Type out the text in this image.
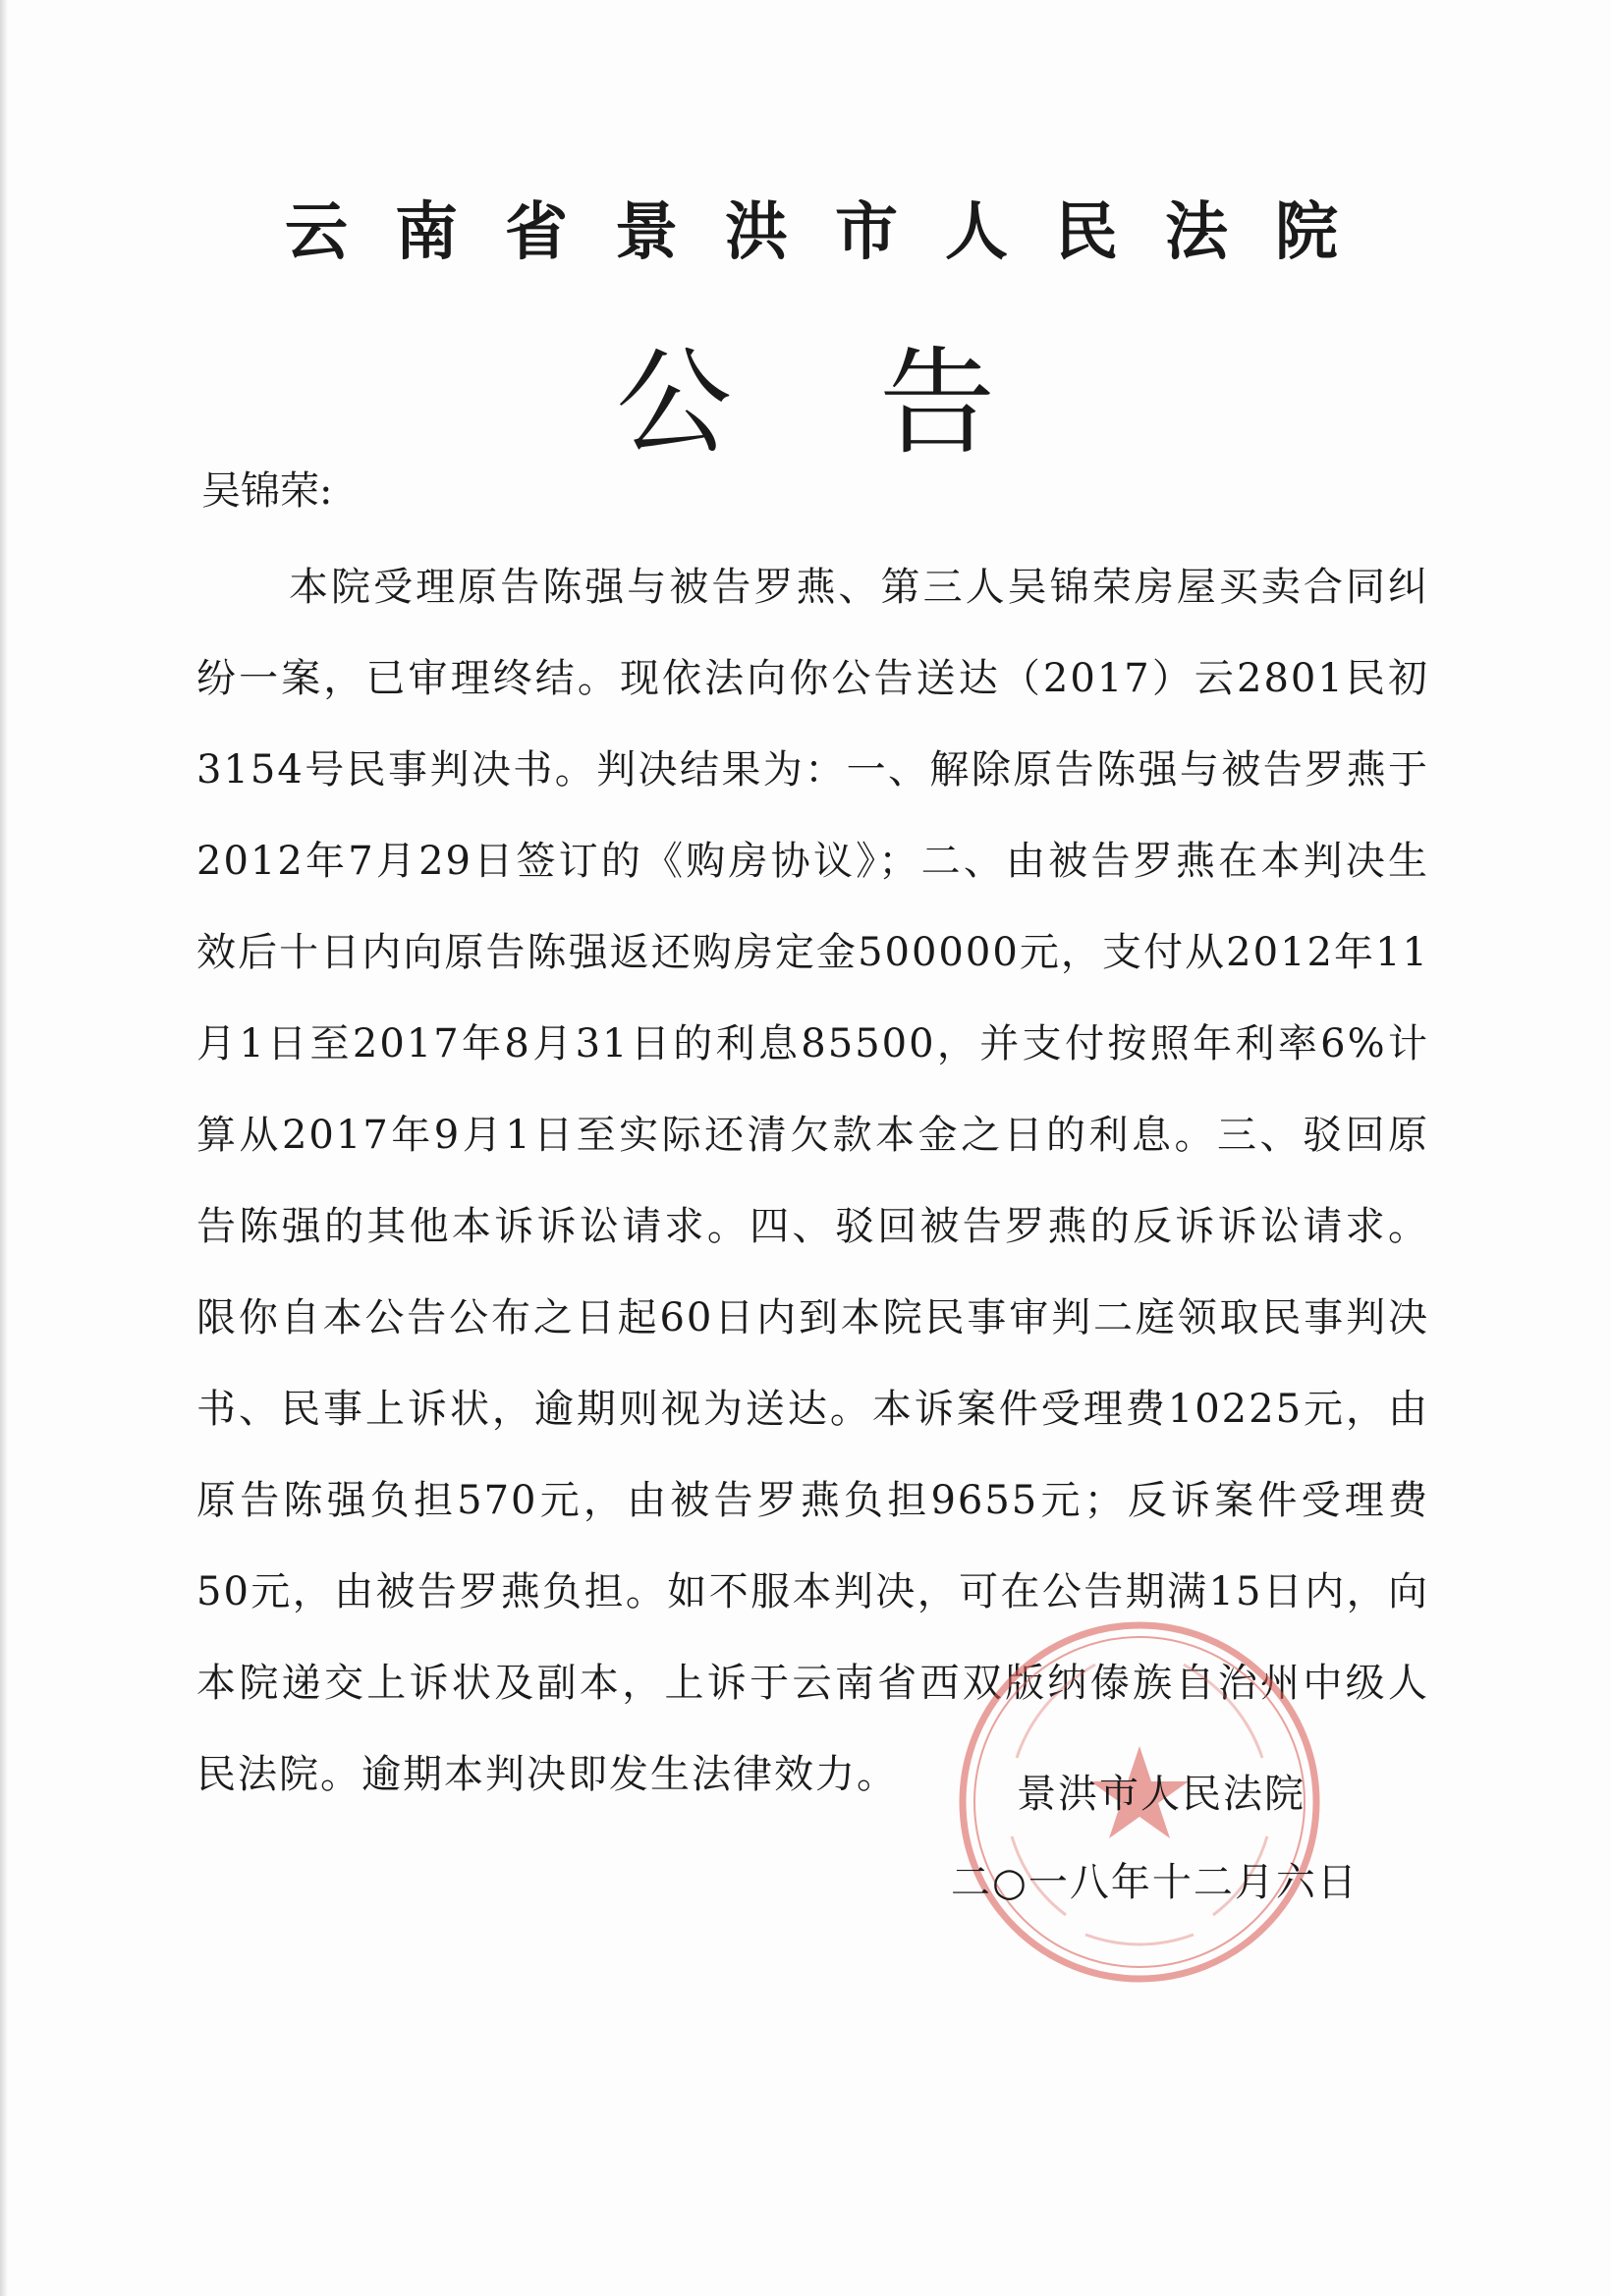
云南省景洪市人民法院
公告
吴锦荣:
本院受理原告陈强与被告罗燕、第三人吴锦荣房屋买卖合同纠纷一案，已审理终结。现依法向你公告送达（2017）云2801民初3154号民事判决书。判决结果为：一、解除原告陈强与被告罗燕于2012年7月29日签订的《购房协议》；二、由被告罗燕在本判决生效后十日内向原告陈强返还购房定金500000元，支付从2012年11月1日至2017年8月31日的利息85500，并支付按照年利率6%计算从2017年9月1日至实际还清欠款本金之日的利息。三、驳回原告陈强的其他本诉诉讼请求。四、驳回被告罗燕的反诉诉讼请求。限你自本公告公布之日起60日内到本院民事审判二庭领取民事判决书、民事上诉状，逾期则视为送达。本诉案件受理费10225元，由原告陈强负担570元，由被告罗燕负担9655元；反诉案件受理费50元，由被告罗燕负担。如不服本判决，可在公告期满15日内，向本院递交上诉状及副本，上诉于云南省西双版纳傣族自治州中级人民法院。逾期本判决即发生法律效力。	景洪市人民法院
二○一八年十二月六日
